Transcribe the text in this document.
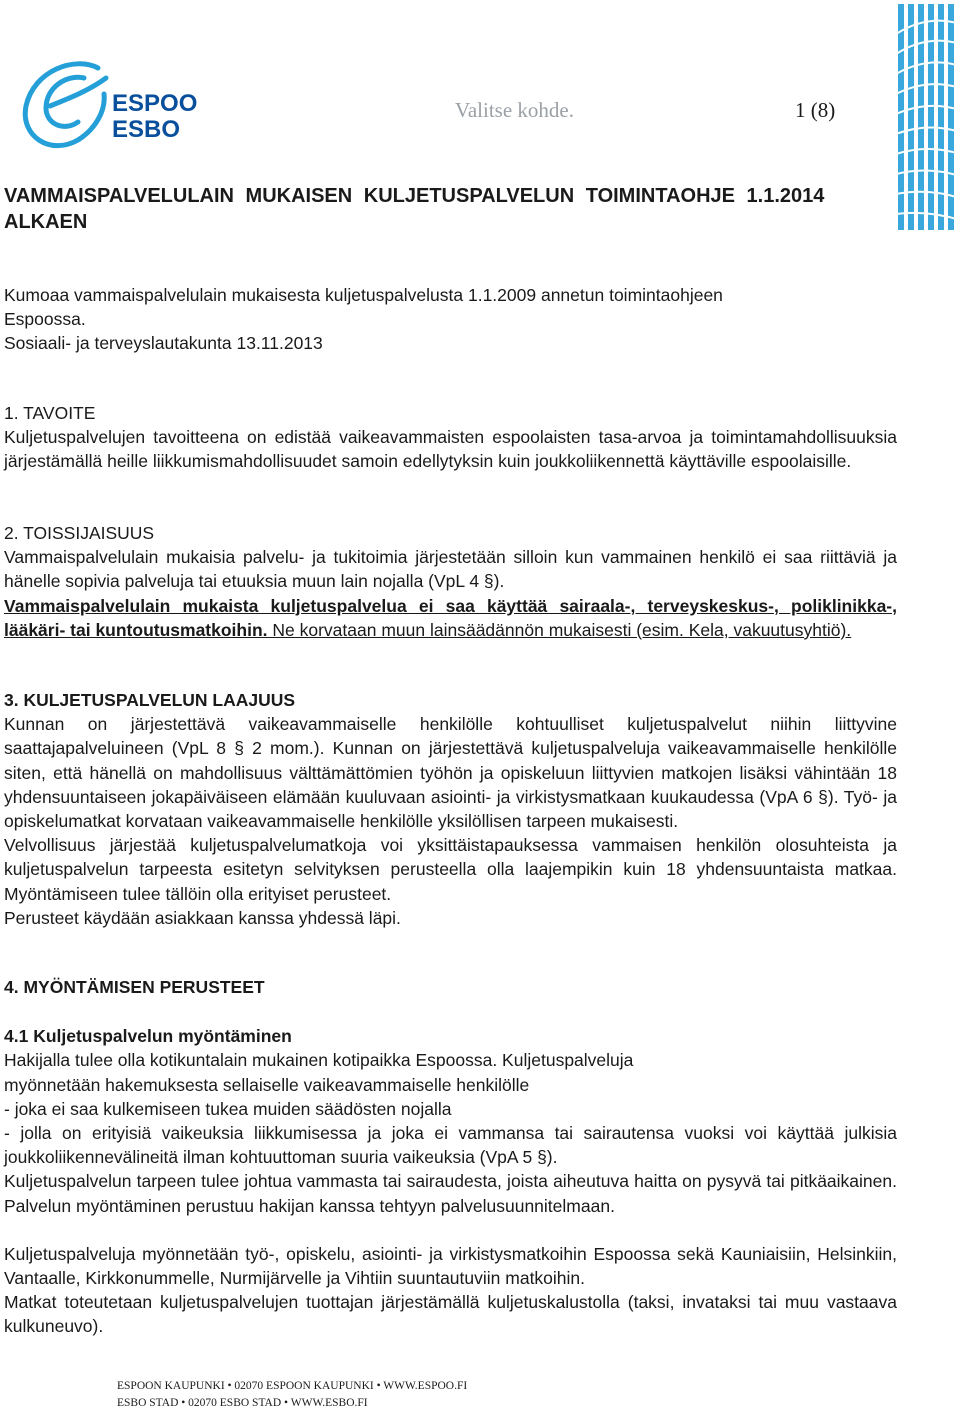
ESPOO
ESBO
Valitse kohde.	1 (8)
VAMMAISPALVELULAIN MUKAISEN KULJETUSPALVELUN TOIMINTAOHJE 1.1.2014 ALKAEN
Kumoaa vammaispalvelulain mukaisesta kuljetuspalvelusta 1.1.2009 annetun toimintaohjeen Espoossa.
Sosiaali- ja terveyslautakunta 13.11.2013
1. TAVOITE
Kuljetuspalvelujen tavoitteena on edistää vaikeavammaisten espoolaisten tasa-arvoa ja toimintamahdollisuuksia järjestämällä heille liikkumismahdollisuudet samoin edellytyksin kuin joukkoliikennettä käyttäville espoolaisille.
2. TOISSIJAISUUS
Vammaispalvelulain mukaisia palvelu- ja tukitoimia järjestetään silloin kun vammainen henkilö ei saa riittäviä ja hänelle sopivia palveluja tai etuuksia muun lain nojalla (VpL 4 §).
Vammaispalvelulain mukaista kuljetuspalvelua ei saa käyttää sairaala-, terveyskeskus-, poliklinikka-, lääkäri- tai kuntoutusmatkoihin. Ne korvataan muun lainsäädännön mukaisesti (esim. Kela, vakuutusyhtiö).
3. KULJETUSPALVELUN LAAJUUS
Kunnan on järjestettävä vaikeavammaiselle henkilölle kohtuulliset kuljetuspalvelut niihin liittyvine saattajapalveluineen (VpL 8 § 2 mom.). Kunnan on järjestettävä kuljetuspalveluja vaikeavammaiselle henkilölle siten, että hänellä on mahdollisuus välttämättömien työhön ja opiskeluun liittyvien matkojen lisäksi vähintään 18 yhdensuuntaiseen jokapäiväiseen elämään kuuluvaan asiointi- ja virkistysmatkaan kuukaudessa (VpA 6 §). Työ- ja opiskelumatkat korvataan vaikeavammaiselle henkilölle yksilöllisen tarpeen mukaisesti.
Velvollisuus järjestää kuljetuspalvelumatkoja voi yksittäistapauksessa vammaisen henkilön olosuhteista ja kuljetuspalvelun tarpeesta esitetyn selvityksen perusteella olla laajempikin kuin 18 yhdensuuntaista matkaa. Myöntämiseen tulee tällöin olla erityiset perusteet.
Perusteet käydään asiakkaan kanssa yhdessä läpi.
4. MYÖNTÄMISEN PERUSTEET
4.1 Kuljetuspalvelun myöntäminen
Hakijalla tulee olla kotikuntalain mukainen kotipaikka Espoossa. Kuljetuspalveluja
myönnetään hakemuksesta sellaiselle vaikeavammaiselle henkilölle
- joka ei saa kulkemiseen tukea muiden säädösten nojalla
- jolla on erityisiä vaikeuksia liikkumisessa ja joka ei vammansa tai sairautensa vuoksi voi käyttää julkisia joukkoliikennevälineitä ilman kohtuuttoman suuria vaikeuksia (VpA 5 §).
Kuljetuspalvelun tarpeen tulee johtua vammasta tai sairaudesta, joista aiheutuva haitta on pysyvä tai pitkäaikainen. Palvelun myöntäminen perustuu hakijan kanssa tehtyyn palvelusuunnitelmaan.
Kuljetuspalveluja myönnetään työ-, opiskelu, asiointi- ja virkistysmatkoihin Espoossa sekä Kauniaisiin, Helsinkiin, Vantaalle, Kirkkonummelle, Nurmijärvelle ja Vihtiin suuntautuviin matkoihin.
Matkat toteutetaan kuljetuspalvelujen tuottajan järjestämällä kuljetuskalustolla (taksi, invataksi tai muu vastaava kulkuneuvo).
ESPOON KAUPUNKI • 02070 ESPOON KAUPUNKI • WWW.ESPOO.FI
ESBO STAD • 02070 ESBO STAD • WWW.ESBO.FI
